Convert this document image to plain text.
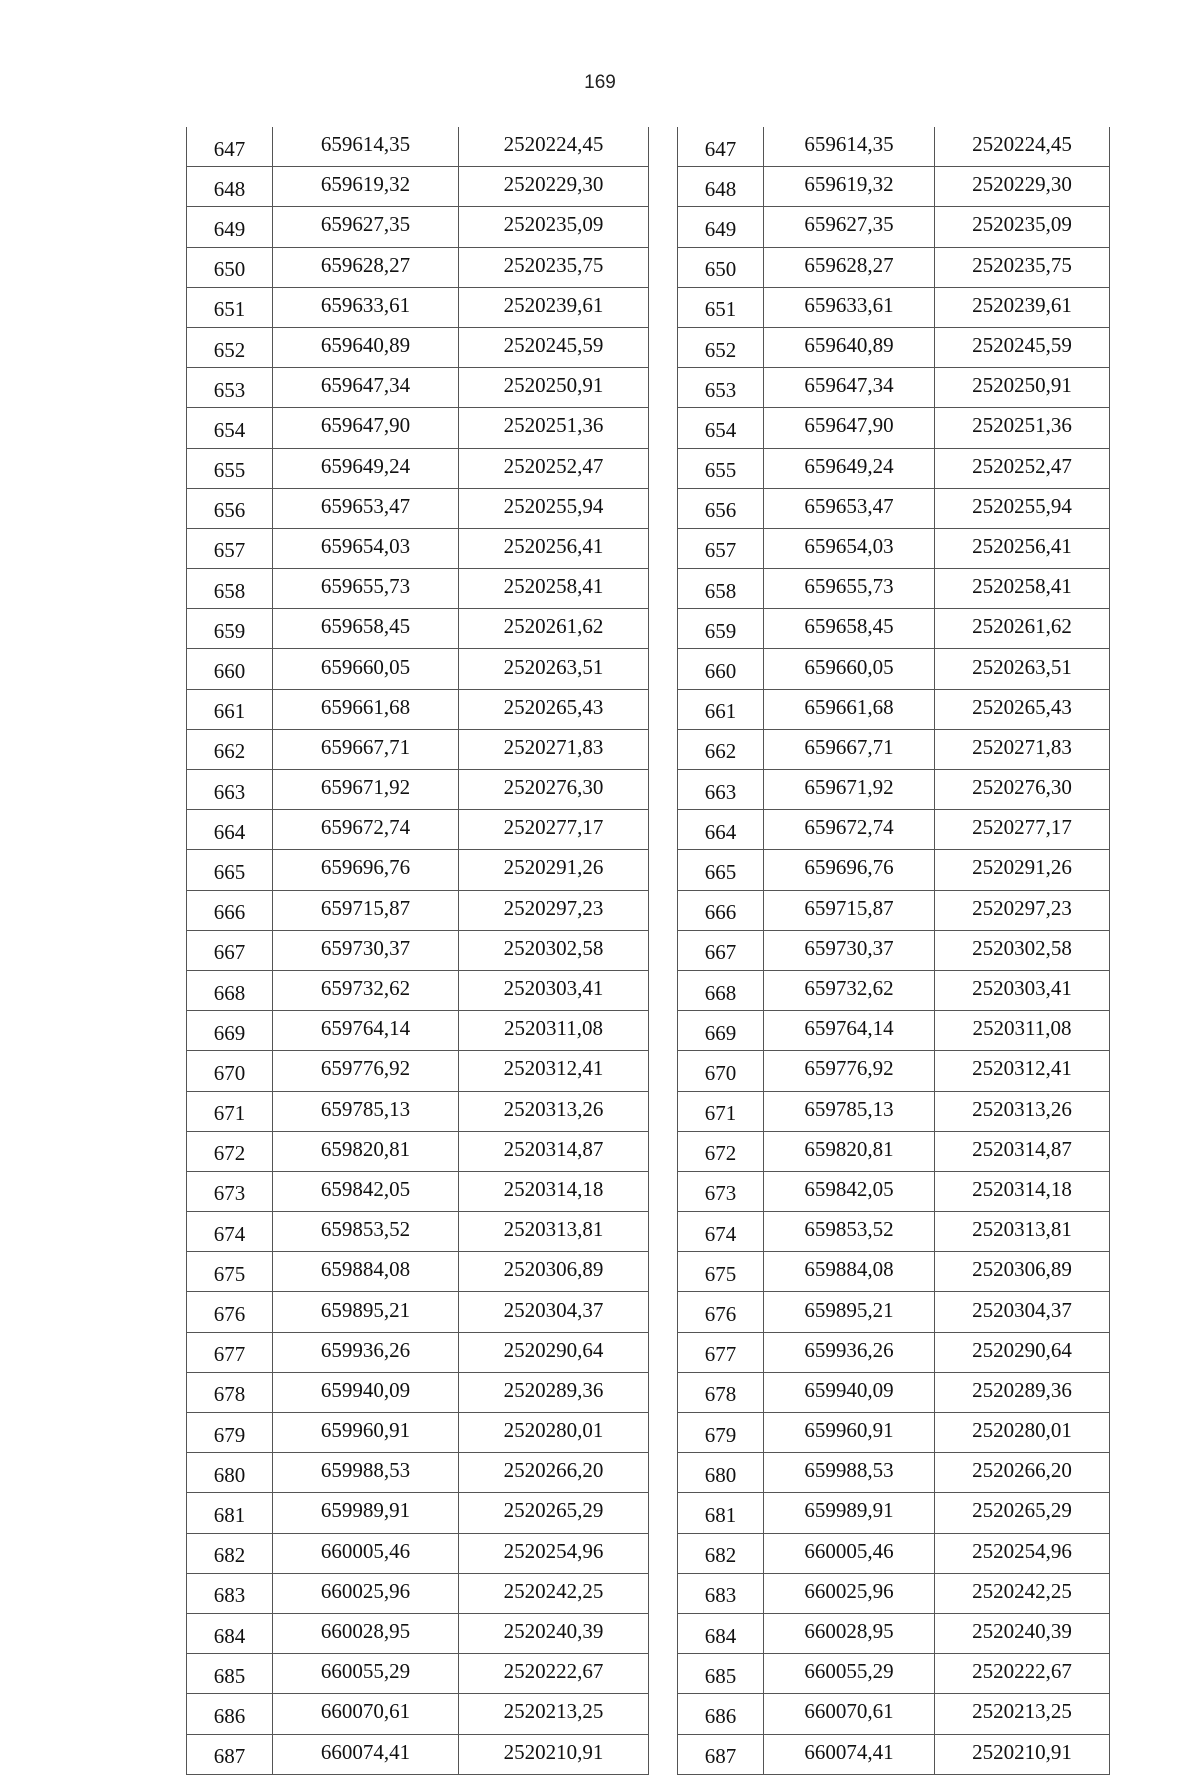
169
647	659614,35	2520224,45
648	659619,32	2520229,30
649	659627,35	2520235,09
650	659628,27	2520235,75
651	659633,61	2520239,61
652	659640,89	2520245,59
653	659647,34	2520250,91
654	659647,90	2520251,36
655	659649,24	2520252,47
656	659653,47	2520255,94
657	659654,03	2520256,41
658	659655,73	2520258,41
659	659658,45	2520261,62
660	659660,05	2520263,51
661	659661,68	2520265,43
662	659667,71	2520271,83
663	659671,92	2520276,30
664	659672,74	2520277,17
665	659696,76	2520291,26
666	659715,87	2520297,23
667	659730,37	2520302,58
668	659732,62	2520303,41
669	659764,14	2520311,08
670	659776,92	2520312,41
671	659785,13	2520313,26
672	659820,81	2520314,87
673	659842,05	2520314,18
674	659853,52	2520313,81
675	659884,08	2520306,89
676	659895,21	2520304,37
677	659936,26	2520290,64
678	659940,09	2520289,36
679	659960,91	2520280,01
680	659988,53	2520266,20
681	659989,91	2520265,29
682	660005,46	2520254,96
683	660025,96	2520242,25
684	660028,95	2520240,39
685	660055,29	2520222,67
686	660070,61	2520213,25
687	660074,41	2520210,91
647	659614,35	2520224,45
648	659619,32	2520229,30
649	659627,35	2520235,09
650	659628,27	2520235,75
651	659633,61	2520239,61
652	659640,89	2520245,59
653	659647,34	2520250,91
654	659647,90	2520251,36
655	659649,24	2520252,47
656	659653,47	2520255,94
657	659654,03	2520256,41
658	659655,73	2520258,41
659	659658,45	2520261,62
660	659660,05	2520263,51
661	659661,68	2520265,43
662	659667,71	2520271,83
663	659671,92	2520276,30
664	659672,74	2520277,17
665	659696,76	2520291,26
666	659715,87	2520297,23
667	659730,37	2520302,58
668	659732,62	2520303,41
669	659764,14	2520311,08
670	659776,92	2520312,41
671	659785,13	2520313,26
672	659820,81	2520314,87
673	659842,05	2520314,18
674	659853,52	2520313,81
675	659884,08	2520306,89
676	659895,21	2520304,37
677	659936,26	2520290,64
678	659940,09	2520289,36
679	659960,91	2520280,01
680	659988,53	2520266,20
681	659989,91	2520265,29
682	660005,46	2520254,96
683	660025,96	2520242,25
684	660028,95	2520240,39
685	660055,29	2520222,67
686	660070,61	2520213,25
687	660074,41	2520210,91
